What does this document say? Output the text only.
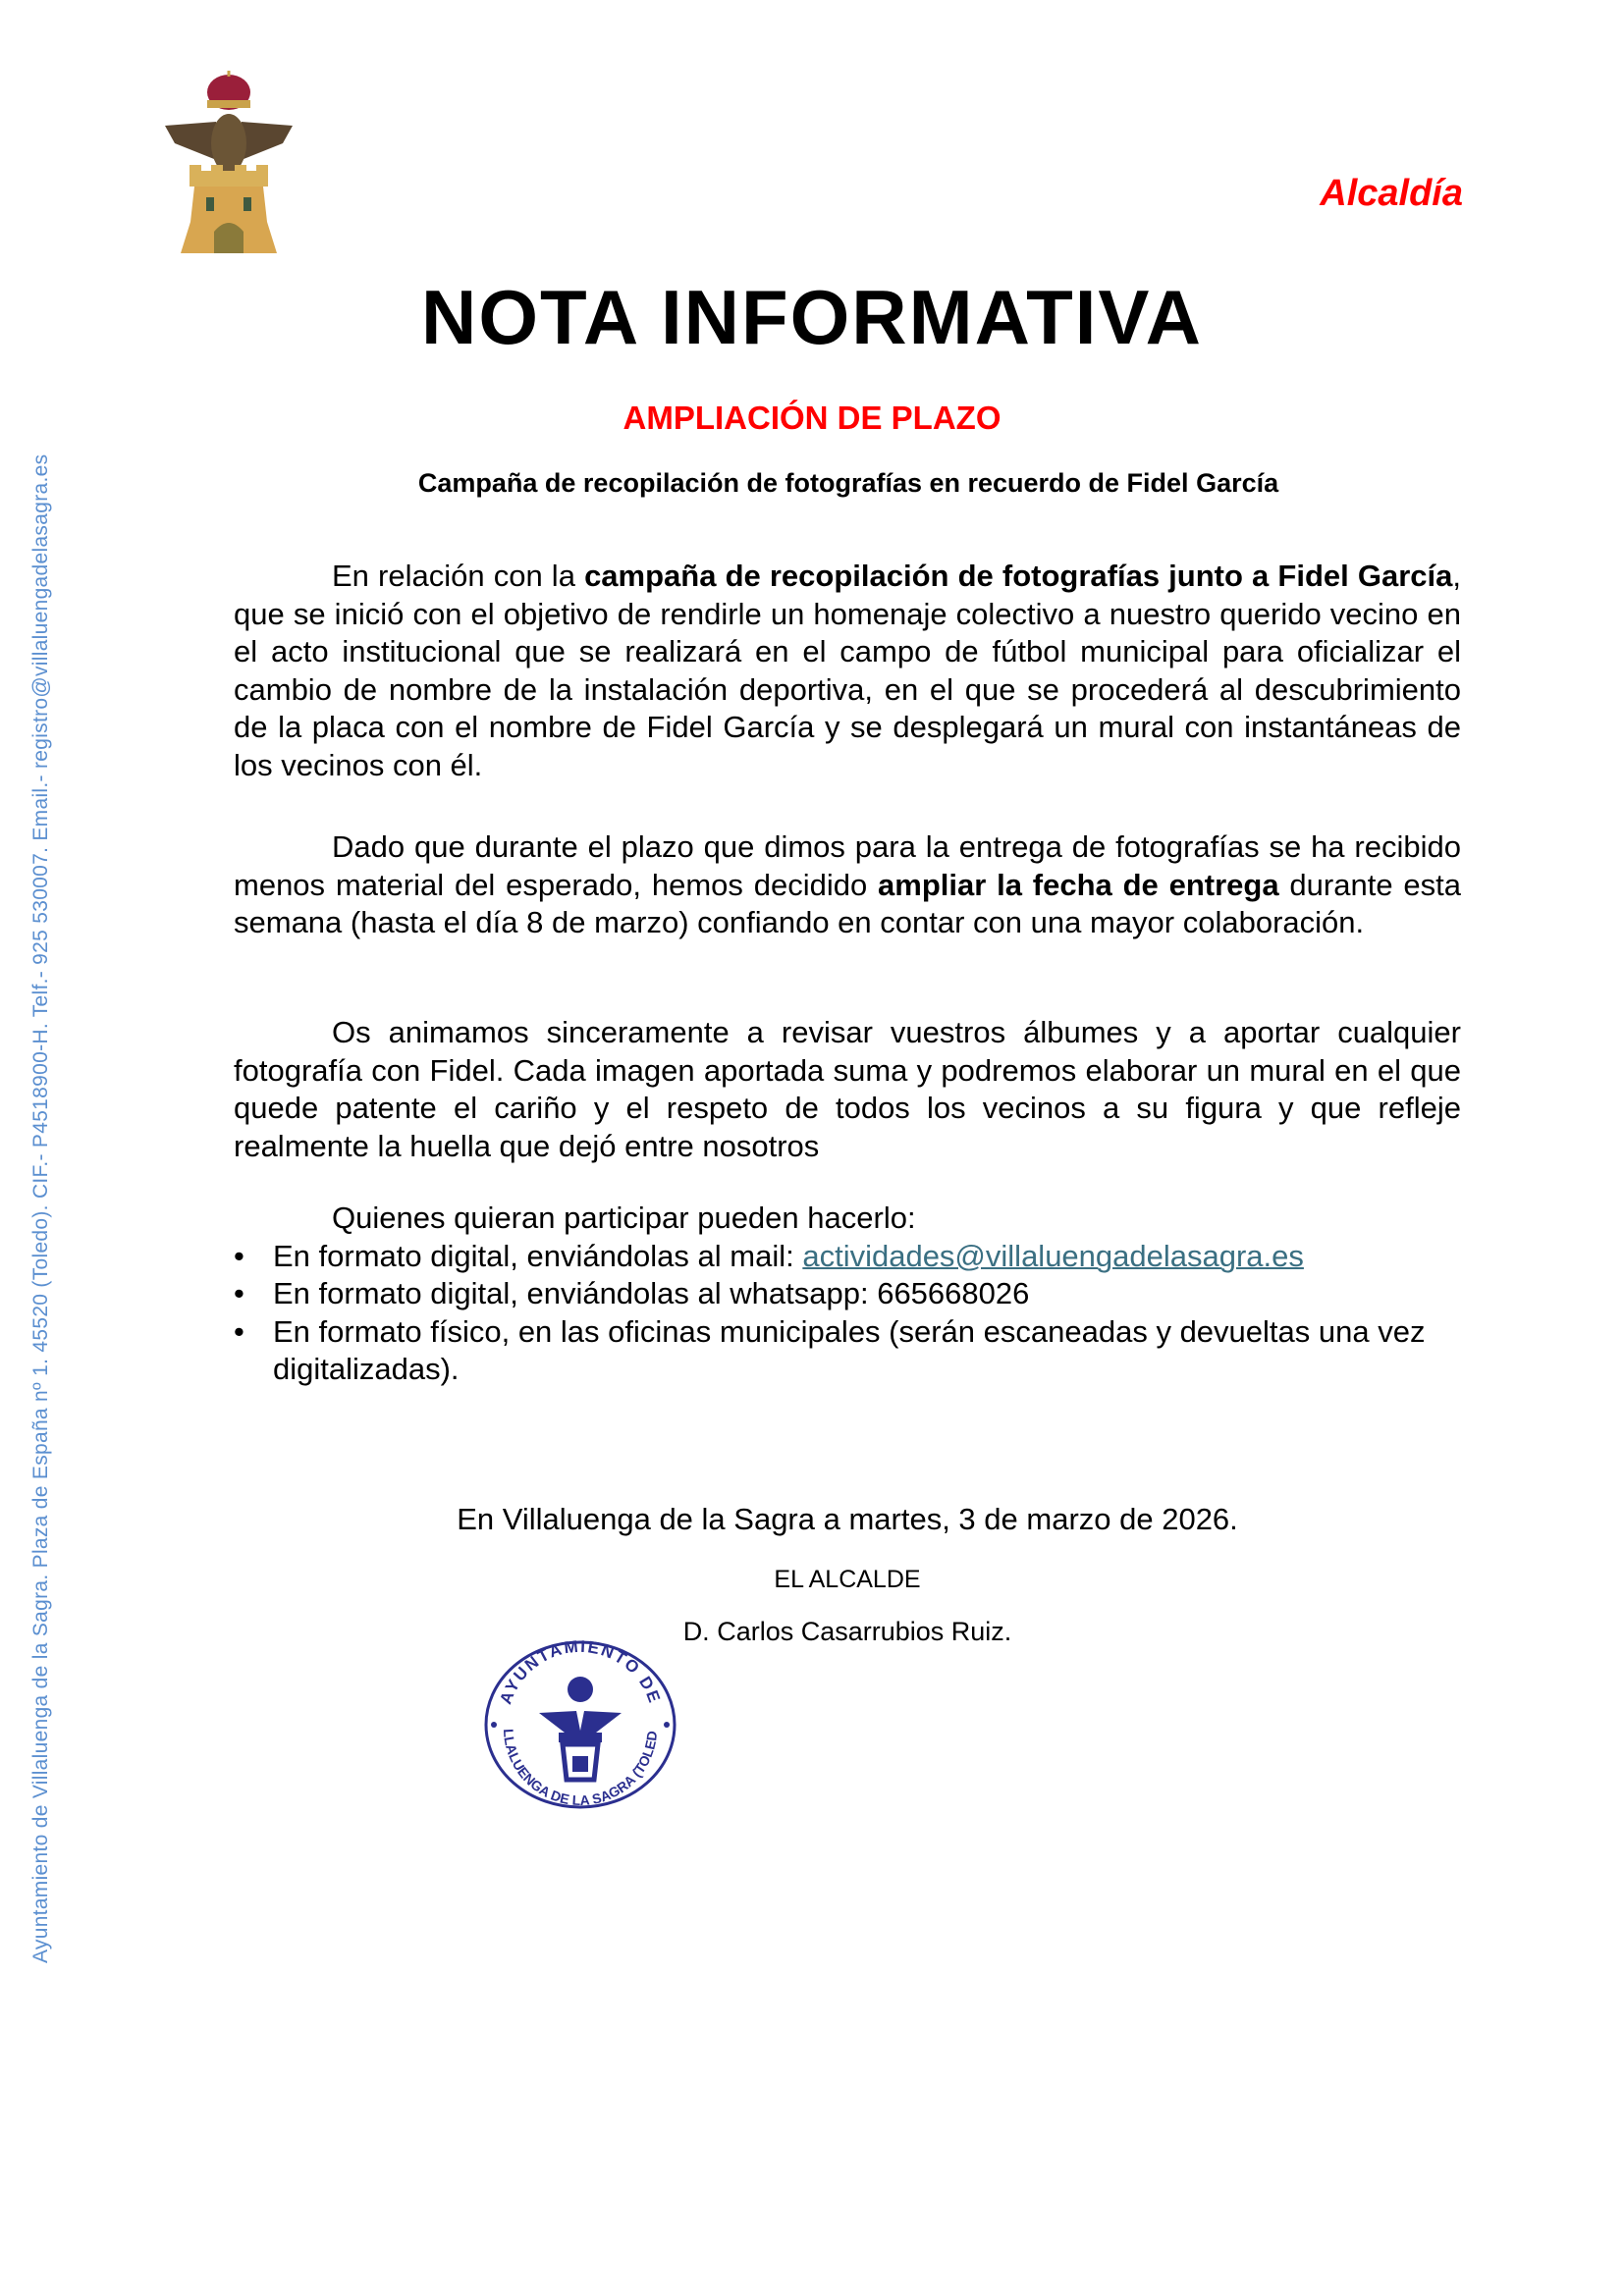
Alcaldía
NOTA INFORMATIVA
AMPLIACIÓN DE PLAZO
Campaña de recopilación de fotografías en recuerdo de Fidel García

En relación con la campaña de recopilación de fotografías junto a Fidel García, que se inició con el objetivo de rendirle un homenaje colectivo a nuestro querido vecino en el acto institucional que se realizará en el campo de fútbol municipal para oficializar el cambio de nombre de la instalación deportiva, en el que se procederá al descubrimiento de la placa con el nombre de Fidel García y se desplegará un mural con instantáneas de los vecinos con él.

Dado que durante el plazo que dimos para la entrega de fotografías se ha recibido menos material del esperado, hemos decidido ampliar la fecha de entrega durante esta semana (hasta el día 8 de marzo) confiando en contar con una mayor colaboración.

Os animamos sinceramente a revisar vuestros álbumes y a aportar cualquier fotografía con Fidel. Cada imagen aportada suma y podremos elaborar un mural en el que quede patente el cariño y el respeto de todos los vecinos a su figura y que refleje realmente la huella que dejó entre nosotros

Quienes quieran participar pueden hacerlo:
• En formato digital, enviándolas al mail: actividades@villaluengadelasagra.es
• En formato digital, enviándolas al whatsapp: 665668026
• En formato físico, en las oficinas municipales (serán escaneadas y devueltas una vez digitalizadas).
En Villaluenga de la Sagra a martes, 3 de marzo de 2026.
EL ALCALDE
D. Carlos Casarrubios Ruiz.
AYUNTAMIENTO DE
LLALUENGA DE LA SAGRA (TOLED
Ayuntamiento de Villaluenga de la Sagra. Plaza de España nº 1. 45520 (Toledo). CIF.- P4518900-H. Telf.- 925 530007. Email.- registro@villaluengadelasagra.es
